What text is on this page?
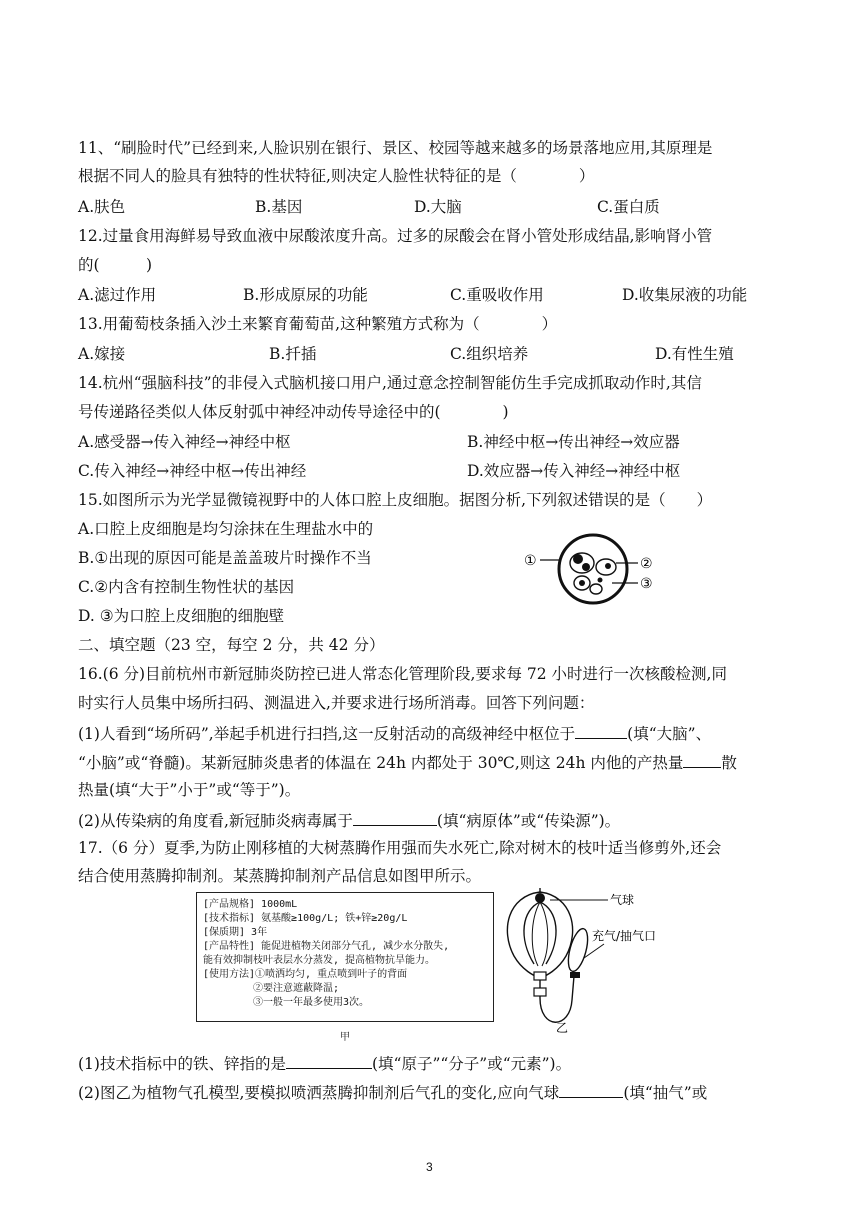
11、“刷脸时代”已经到来,人脸识别在银行、景区、校园等越来越多的场景落地应用,其原理是
根据不同人的脸具有独特的性状特征,则决定人脸性状特征的是（　　　　）
A.肤色	B.基因	D.大脑	C.蛋白质
12.过量食用海鲜易导致血液中尿酸浓度升高。过多的尿酸会在肾小管处形成结晶,影响肾小管
的(　　　)
A.滤过作用	B.形成原尿的功能	C.重吸收作用	D.收集尿液的功能
13.用葡萄枝条插入沙土来繁育葡萄苗,这种繁殖方式称为（　　　　）
A.嫁接	B.扦插	C.组织培养	D.有性生殖
14.杭州“强脑科技”的非侵入式脑机接口用户,通过意念控制智能仿生手完成抓取动作时,其信
号传递路径类似人体反射弧中神经冲动传导途径中的(　　　　)
A.感受器→传入神经→神经中枢	B.神经中枢→传出神经→效应器
C.传入神经→神经中枢→传出神经	D.效应器→传入神经→神经中枢
15.如图所示为光学显微镜视野中的人体口腔上皮细胞。据图分析,下列叙述错误的是（　　）
A.口腔上皮细胞是均匀涂抹在生理盐水中的
B.①出现的原因可能是盖盖玻片时操作不当
C.②内含有控制生物性状的基因
D. ③为口腔上皮细胞的细胞壁
①	②
③
二、填空题（23 空，每空 2 分，共 42 分）
16.(6 分)目前杭州市新冠肺炎防控已进人常态化管理阶段,要求每 72 小时进行一次核酸检测,同
时实行人员集中场所扫码、测温进入,并要求进行场所消毒。回答下列问题：
(1)人看到“场所码”,举起手机进行扫挡,这一反射活动的高级神经中枢位于	(填“大脑”、
“小脑”或“脊髓)。某新冠肺炎患者的体温在 24h 内都处于 30℃,则这 24h 内他的产热量 散
热量(填“大于”小于”或“等于”)。
(2)从传染病的角度看,新冠肺炎病毒属于	(填“病原体”或“传染源”)。
17.（6 分）夏季,为防止刚移植的大树蒸腾作用强而失水死亡,除对树木的枝叶适当修剪外,还会
结合使用蒸腾抑制剂。某蒸腾抑制剂产品信息如图甲所示。
[产品规格] 1000mL
[技术指标] 氨基酸≥100g/L; 铁+锌≥20g/L
[保质期] 3年
[产品特性] 能促进植物关闭部分气孔, 减少水分散失,
能有效抑制枝叶表层水分蒸发, 提高植物抗旱能力。
[使用方法]①喷洒均匀, 重点喷到叶子的背面
　　　　　②要注意遮蔽降温;
　　　　　③一般一年最多使用3次。
甲
气球
充气/抽气口
乙
(1)技术指标中的铁、锌指的是	(填“原子”“分子”或“元素”)。
(2)图乙为植物气孔模型,要模拟喷洒蒸腾抑制剂后气孔的变化,应向气球	(填“抽气”或
3
